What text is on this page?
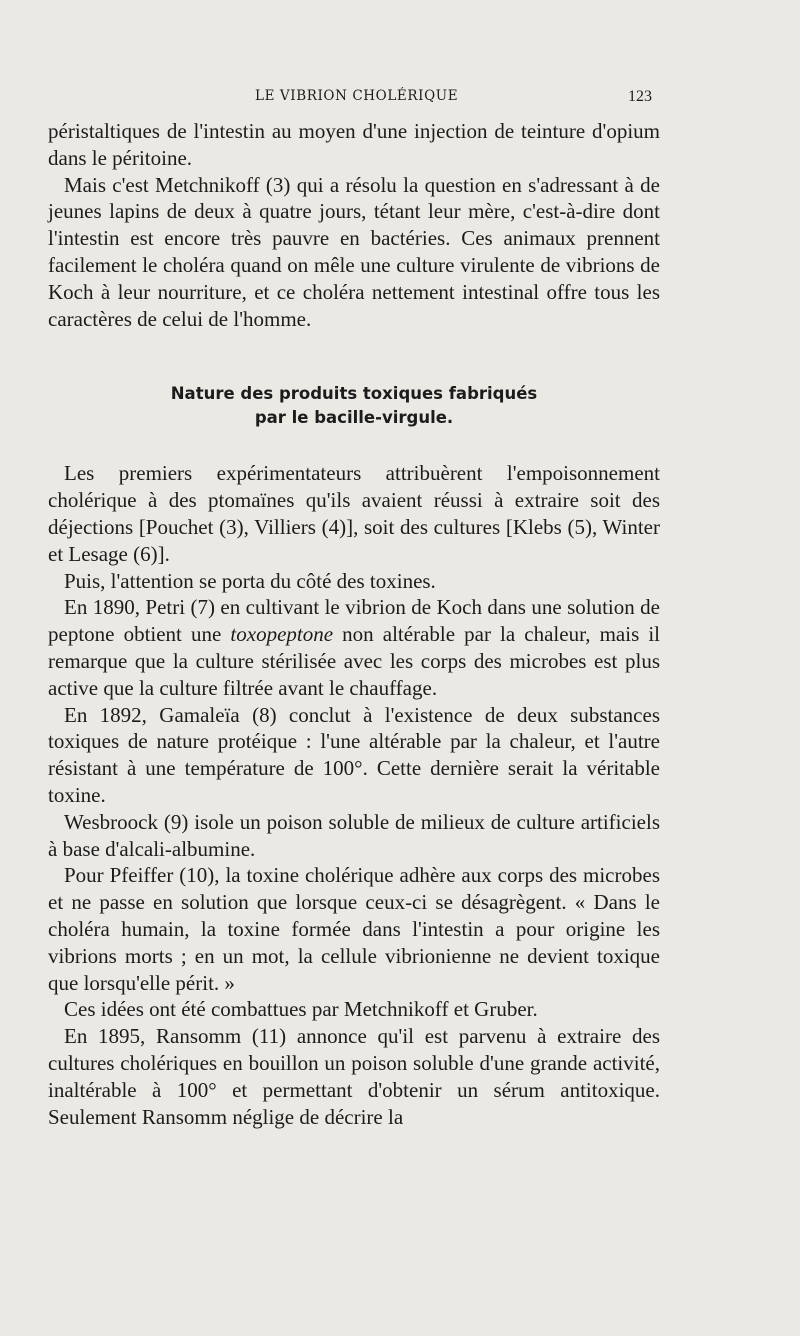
LE VIBRION CHOLÉRIQUE	123

péristaltiques de l'intestin au moyen d'une injection de teinture d'opium dans le péritoine.

Mais c'est Metchnikoff (3) qui a résolu la question en s'adressant à de jeunes lapins de deux à quatre jours, tétant leur mère, c'est-à-dire dont l'intestin est encore très pauvre en bactéries. Ces animaux prennent facilement le choléra quand on mêle une culture virulente de vibrions de Koch à leur nourriture, et ce choléra nettement intestinal offre tous les caractères de celui de l'homme.

Nature des produits toxiques fabriqués
par le bacille-virgule.

Les premiers expérimentateurs attribuèrent l'empoisonnement cholérique à des ptomaïnes qu'ils avaient réussi à extraire soit des déjections [Pouchet (3), Villiers (4)], soit des cultures [Klebs (5), Winter et Lesage (6)].

Puis, l'attention se porta du côté des toxines.

En 1890, Petri (7) en cultivant le vibrion de Koch dans une solution de peptone obtient une toxopeptone non altérable par la chaleur, mais il remarque que la culture stérilisée avec les corps des microbes est plus active que la culture filtrée avant le chauffage.

En 1892, Gamaleïa (8) conclut à l'existence de deux substances toxiques de nature protéique : l'une altérable par la chaleur, et l'autre résistant à une température de 100°. Cette dernière serait la véritable toxine.

Wesbroock (9) isole un poison soluble de milieux de culture artificiels à base d'alcali-albumine.

Pour Pfeiffer (10), la toxine cholérique adhère aux corps des microbes et ne passe en solution que lorsque ceux-ci se désagrègent. « Dans le choléra humain, la toxine formée dans l'intestin a pour origine les vibrions morts ; en un mot, la cellule vibrionienne ne devient toxique que lorsqu'elle périt. »

Ces idées ont été combattues par Metchnikoff et Gruber.

En 1895, Ransomm (11) annonce qu'il est parvenu à extraire des cultures cholériques en bouillon un poison soluble d'une grande activité, inaltérable à 100° et permettant d'obtenir un sérum antitoxique. Seulement Ransomm néglige de décrire la
